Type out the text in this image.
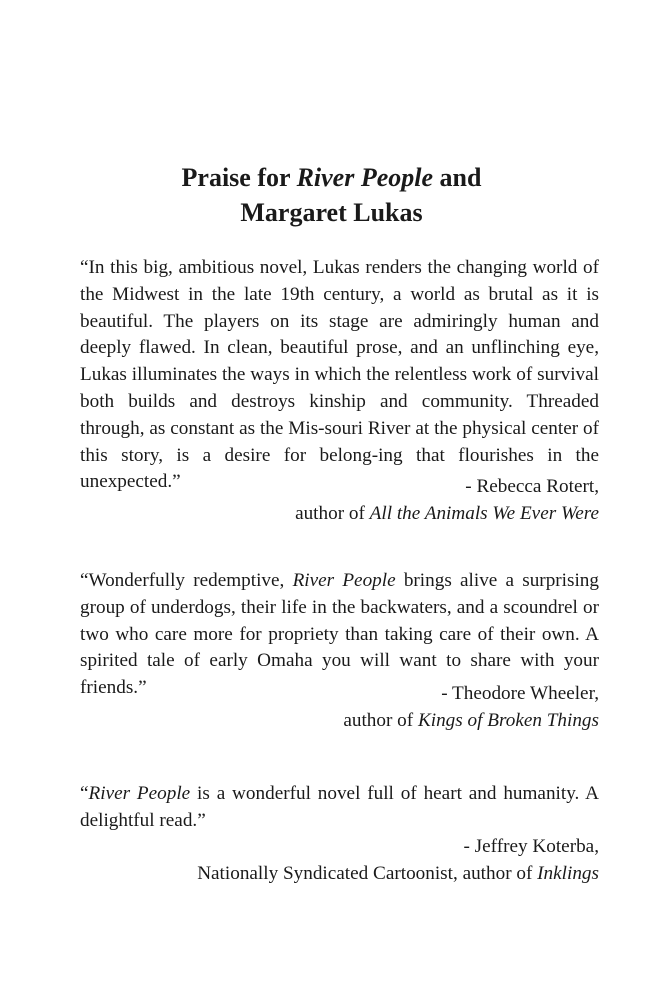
Praise for River People and
Margaret Lukas

“In this big, ambitious novel, Lukas renders the changing world of the Midwest in the late 19th century, a world as brutal as it is beautiful. The players on its stage are admiringly human and deeply flawed. In clean, beautiful prose, and an unflinching eye, Lukas illuminates the ways in which the relentless work of survival both builds and destroys kinship and community. Threaded through, as constant as the Mis-souri River at the physical center of this story, is a desire for belong-ing that flourishes in the unexpected.”	- Rebecca Rotert,
author of All the Animals We Ever Were

“Wonderfully redemptive, River People brings alive a surprising group of underdogs, their life in the backwaters, and a scoundrel or two who care more for propriety than taking care of their own. A spirited tale of early Omaha you will want to share with your friends.”	- Theodore Wheeler,
author of Kings of Broken Things

“River People is a wonderful novel full of heart and humanity. A delightful read.”

- Jeffrey Koterba,
Nationally Syndicated Cartoonist, author of Inklings
